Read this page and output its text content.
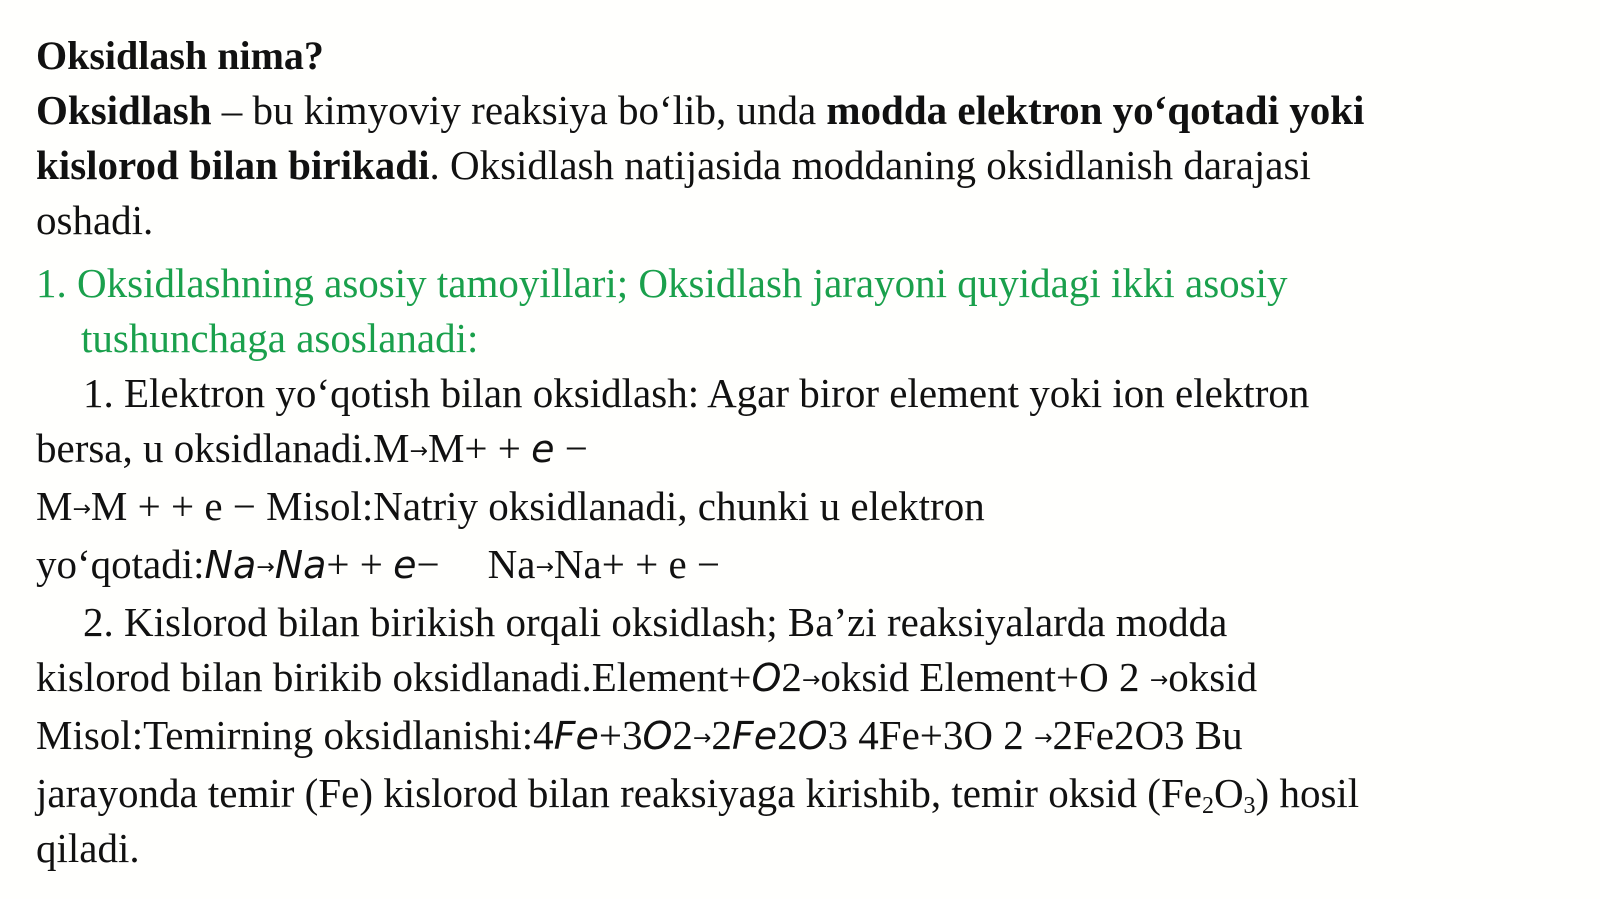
Oksidlash nima?
Oksidlash – bu kimyoviy reaksiya bo‘lib, unda modda elektron yo‘qotadi yoki
kislorod bilan birikadi. Oksidlash natijasida moddaning oksidlanish darajasi
oshadi.
1. Oksidlashning asosiy tamoyillari; Oksidlash jarayoni quyidagi ikki asosiy
tushunchaga asoslanadi:
1. Elektron yo‘qotish bilan oksidlash: Agar biror element yoki ion elektron
bersa, u oksidlanadi.M→M+ + e −
M→M + + e − Misol:Natriy oksidlanadi, chunki u elektron
yo‘qotadi:Na→Na+ + e− Na→Na+ + e −
2. Kislorod bilan birikish orqali oksidlash; Ba’zi reaksiyalarda modda
kislorod bilan birikib oksidlanadi.Element+O2→oksid Element+O 2 →oksid
Misol:Temirning oksidlanishi:4Fe+3O2→2Fe2O3 4Fe+3O 2 →2Fe2O3 Bu
jarayonda temir (Fe) kislorod bilan reaksiyaga kirishib, temir oksid $(Fe_2O_3)$ hosil
qiladi.
